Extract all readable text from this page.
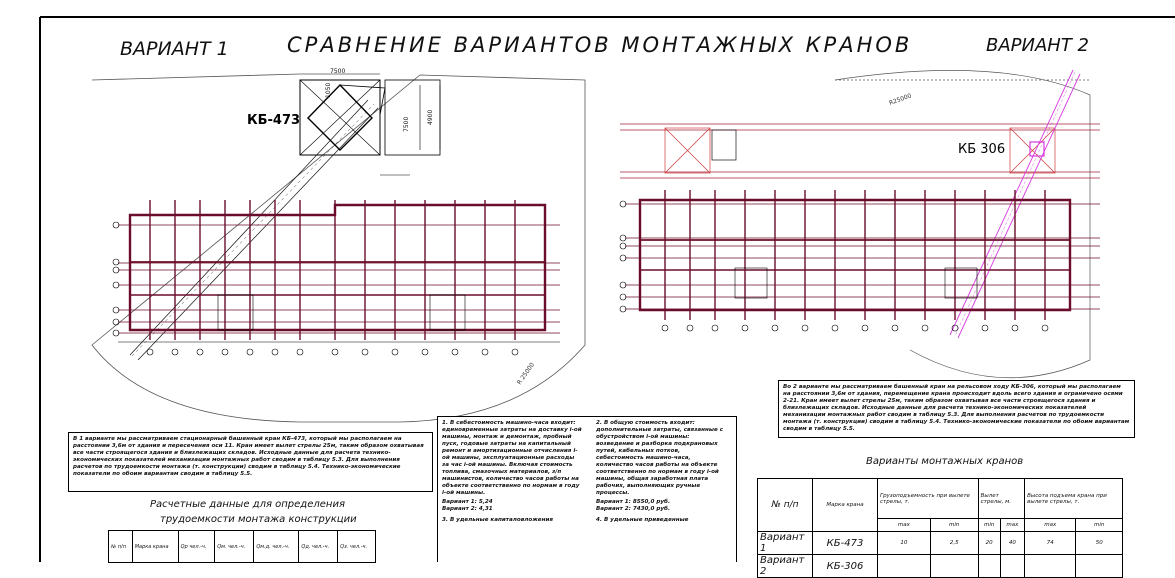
ВАРИАНТ 1	СРАВНЕНИЕ ВАРИАНТОВ МОНТАЖНЫХ КРАНОВ	ВАРИАНТ 2
7500
1050
7500	4900
КБ-473
R 25000
R25000
КБ 306
Варианты монтажных кранов
Расчетные данные для определения
трудоемкости монтажа конструкции
В 1 варианте мы рассматриваем стационарный башенный кран КБ-473, который мы располагаем на расстоянии 3,6м от здания и пересечения оси 11. Кран имеет вылет стрелы 25м, таким образом охватывая все части строящегося здания и близлежащих складов. Исходные данные для расчета технико-экономических показателей механизации монтажных работ сводим в таблицу 5.3. Для выполнения расчетов по трудоемкости монтажа (т. конструкции) сводим в таблицу 5.4. Технико-экономические показатели по обоим вариантам сводим в таблицу 5.5.
Во 2 варианте мы рассматриваем башенный кран на рельсовом ходу КБ-306, который мы располагаем на расстоянии 3,6м от здания, перемещение крана происходит вдоль всего здания и ограничено осями 2-21. Кран имеет вылет стрелы 25м, таким образом охватывая все части строящегося здания и близлежащих складов. Исходные данные для расчета технико-экономических показателей механизации монтажных работ сводим в таблицу 5.3. Для выполнения расчетов по трудоемкости монтажа (т. конструкции) сводим в таблицу 5.4. Технико-экономические показатели по обоим вариантам сводим в таблицу 5.5.

1. В себестоимость машино-часа входит: единовременные затраты на доставку i-ой машины, монтаж и демонтаж, пробный пуск, годовые затраты на капитальный ремонт и амортизационные отчисления i-ой машины, эксплуатационные расходы за час i-ой машины. Включая стоимость топлива, смазочных материалов, з/п машинистов, количество часов работы на объекте соответственно по нормам в году i-ой машины.

Вариант 1: 5,24

Вариант 2: 4,31

3. В удельные капиталовложения

2. В общую стоимость входит: дополнительные затраты, связанные с обустройством i-ой машины: возведение и разборка подкрановых путей, кабельных потков, себестоимость машино-часа, количество часов работы на объекте соответственно по нормам в году i-ой машины, общая заработная плата рабочих, выполняющих ручные процессы.

Вариант 1: 8550,0 руб.

Вариант 2: 7430,0 руб.

4. В удельные приведенные

№ п/п	Марка крана	Qр чел.-ч.	Qм. чел.-ч.	Qм.д. чел.-ч.	Qд. чел.-ч.	Qз. чел.-ч.
№ п/п	Марка крана	Грузоподъемность при вылете стрелы, т.		Вылет стрелы, м.		Высота подъема крана при вылете стрелы, т.	
		max	min	min	max	max	min
Вариант 1	КБ-473	10	2,5	20	40	74	50
Вариант 2	КБ-306						
